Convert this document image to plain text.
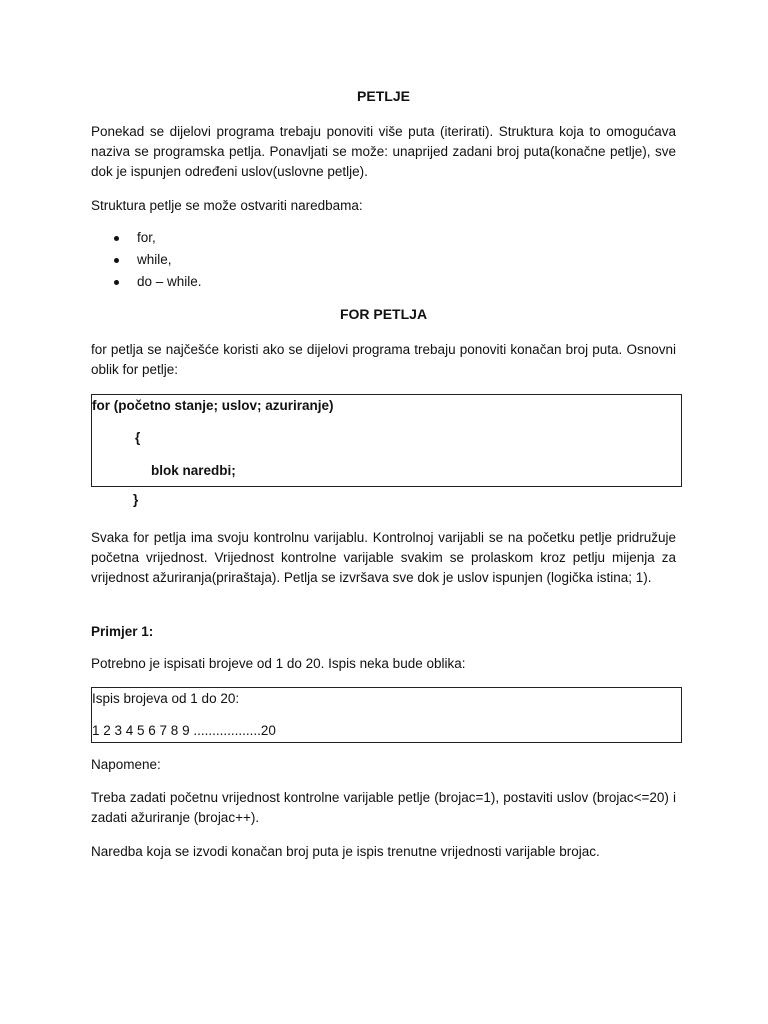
PETLJE

Ponekad se dijelovi programa trebaju ponoviti više puta (iterirati). Struktura koja to omogućava naziva se programska petlja. Ponavljati se može: unaprijed zadani broj puta(konačne petlje), sve dok je ispunjen određeni uslov(uslovne petlje).

Struktura petlje se može ostvariti naredbama:

for,
while,
do – while.
FOR PETLJA

for petlja se najčešće koristi ako se dijelovi programa trebaju ponoviti konačan broj puta. Osnovni oblik for petlje:

for (početno stanje; uslov; azuriranje)
{
blok naredbi;
}

Svaka for petlja ima svoju kontrolnu varijablu. Kontrolnoj varijabli se na početku petlje pridružuje početna vrijednost. Vrijednost kontrolne varijable svakim se prolaskom kroz petlju mijenja za vrijednost ažuriranja(priraštaja). Petlja se izvršava sve dok je uslov ispunjen (logička istina; 1).

Primjer 1:

Potrebno je ispisati brojeve od 1 do 20. Ispis neka bude oblika:

Ispis brojeva od 1 do 20:
1 2 3 4 5 6 7 8 9 ..................20

Napomene:

Treba zadati početnu vrijednost kontrolne varijable petlje (brojac=1), postaviti uslov (brojac<=20) i zadati ažuriranje (brojac++).

Naredba koja se izvodi konačan broj puta je ispis trenutne vrijednosti varijable brojac.
